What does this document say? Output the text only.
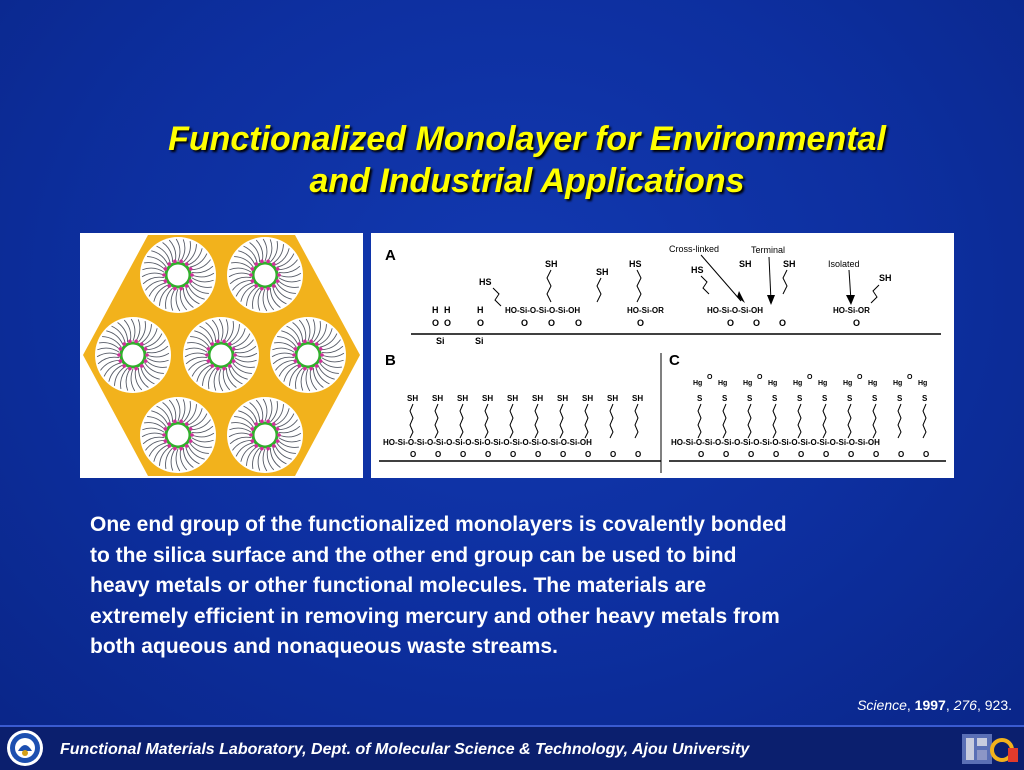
Functionalized Monolayer for Environmental
and Industrial Applications
A
B	C
H H	H
O O	O
Si	Si
HS
SH
SH
HO-Si-O-Si-O-Si-OH
O O O
HS
HO-Si-OR
O
Cross-linked	Terminal
Isolated
HS
SH	SH
HO-Si-O-Si-OH
O O O
SH
HO-Si-OR
O
HO-Si-O-Si-O-Si-O-Si-O-Si-O-Si-O-Si-O-Si-O-Si-O-Si-OH
SH
O
SH
O
SH
O
SH
O
SH
O
SH
O
SH
O
SH
O
SH
O
SH
O
HO-Si-O-Si-O-Si-O-Si-O-Si-O-Si-O-Si-O-Si-O-Si-O-Si-OH
Hg
O
S
O
Hg
S
O
Hg
O
S
O
Hg
S
O
Hg
O
S
O
Hg
S
O
Hg
O
S
O
Hg
S
O
Hg
O
S
O
Hg
S
O
One end group of the functionalized monolayers is covalently bonded
to the silica surface and the other end group can be used to bind
heavy metals or other functional molecules. The materials are
extremely efficient in removing mercury and other heavy metals from
both aqueous and nonaqueous waste streams.
Science, 1997, 276, 923.
Functional Materials Laboratory, Dept. of Molecular Science & Technology, Ajou University
